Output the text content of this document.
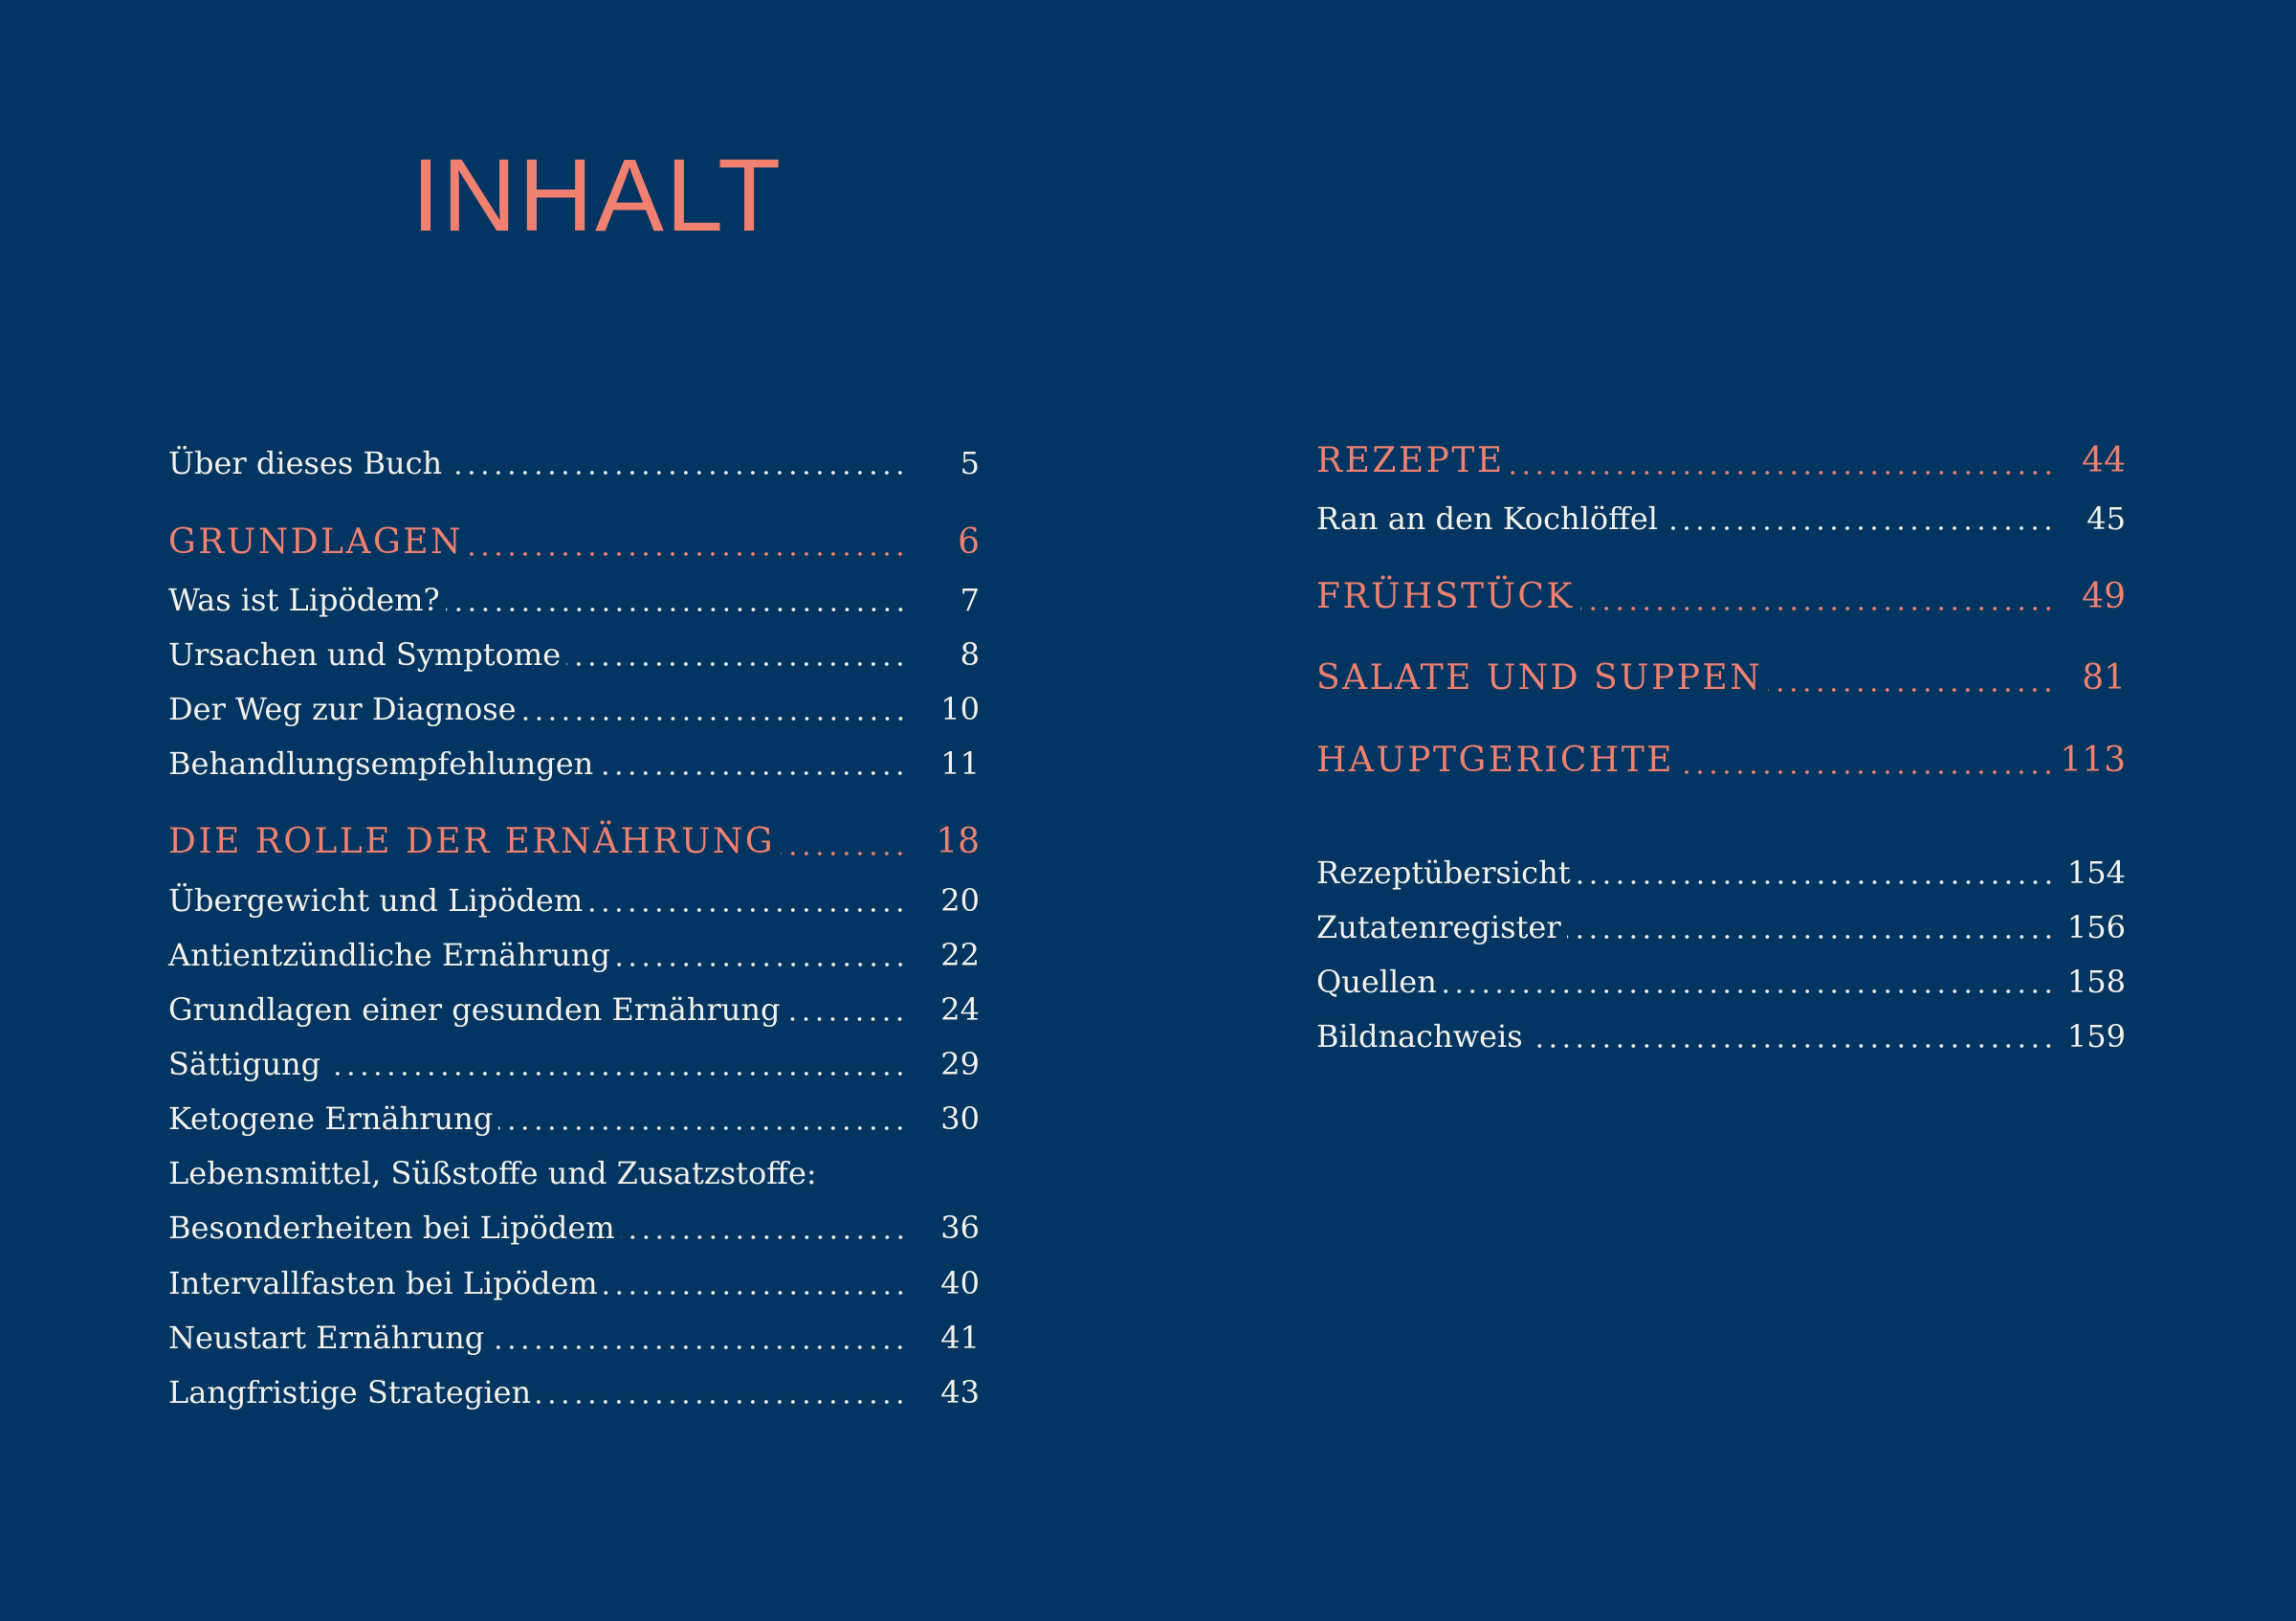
INHALT
Über dieses Buch	5
GRUNDLAGEN	6
Was ist Lipödem?	7
Ursachen und Symptome	8
Der Weg zur Diagnose	10
Behandlungsempfehlungen	11
DIE ROLLE DER ERNÄHRUNG	18
Übergewicht und Lipödem	20
Antientzündliche Ernährung	22
Grundlagen einer gesunden Ernährung	24
Sättigung	29
Ketogene Ernährung	30
Lebensmittel, Süßstoffe und Zusatzstoffe:
Besonderheiten bei Lipödem	36
Intervallfasten bei Lipödem	40
Neustart Ernährung	41
Langfristige Strategien	43
REZEPTE	44
Ran an den Kochlöffel	45
FRÜHSTÜCK	49
SALATE UND SUPPEN	81
HAUPTGERICHTE	113
Rezeptübersicht	154
Zutatenregister	156
Quellen	158
Bildnachweis	159
